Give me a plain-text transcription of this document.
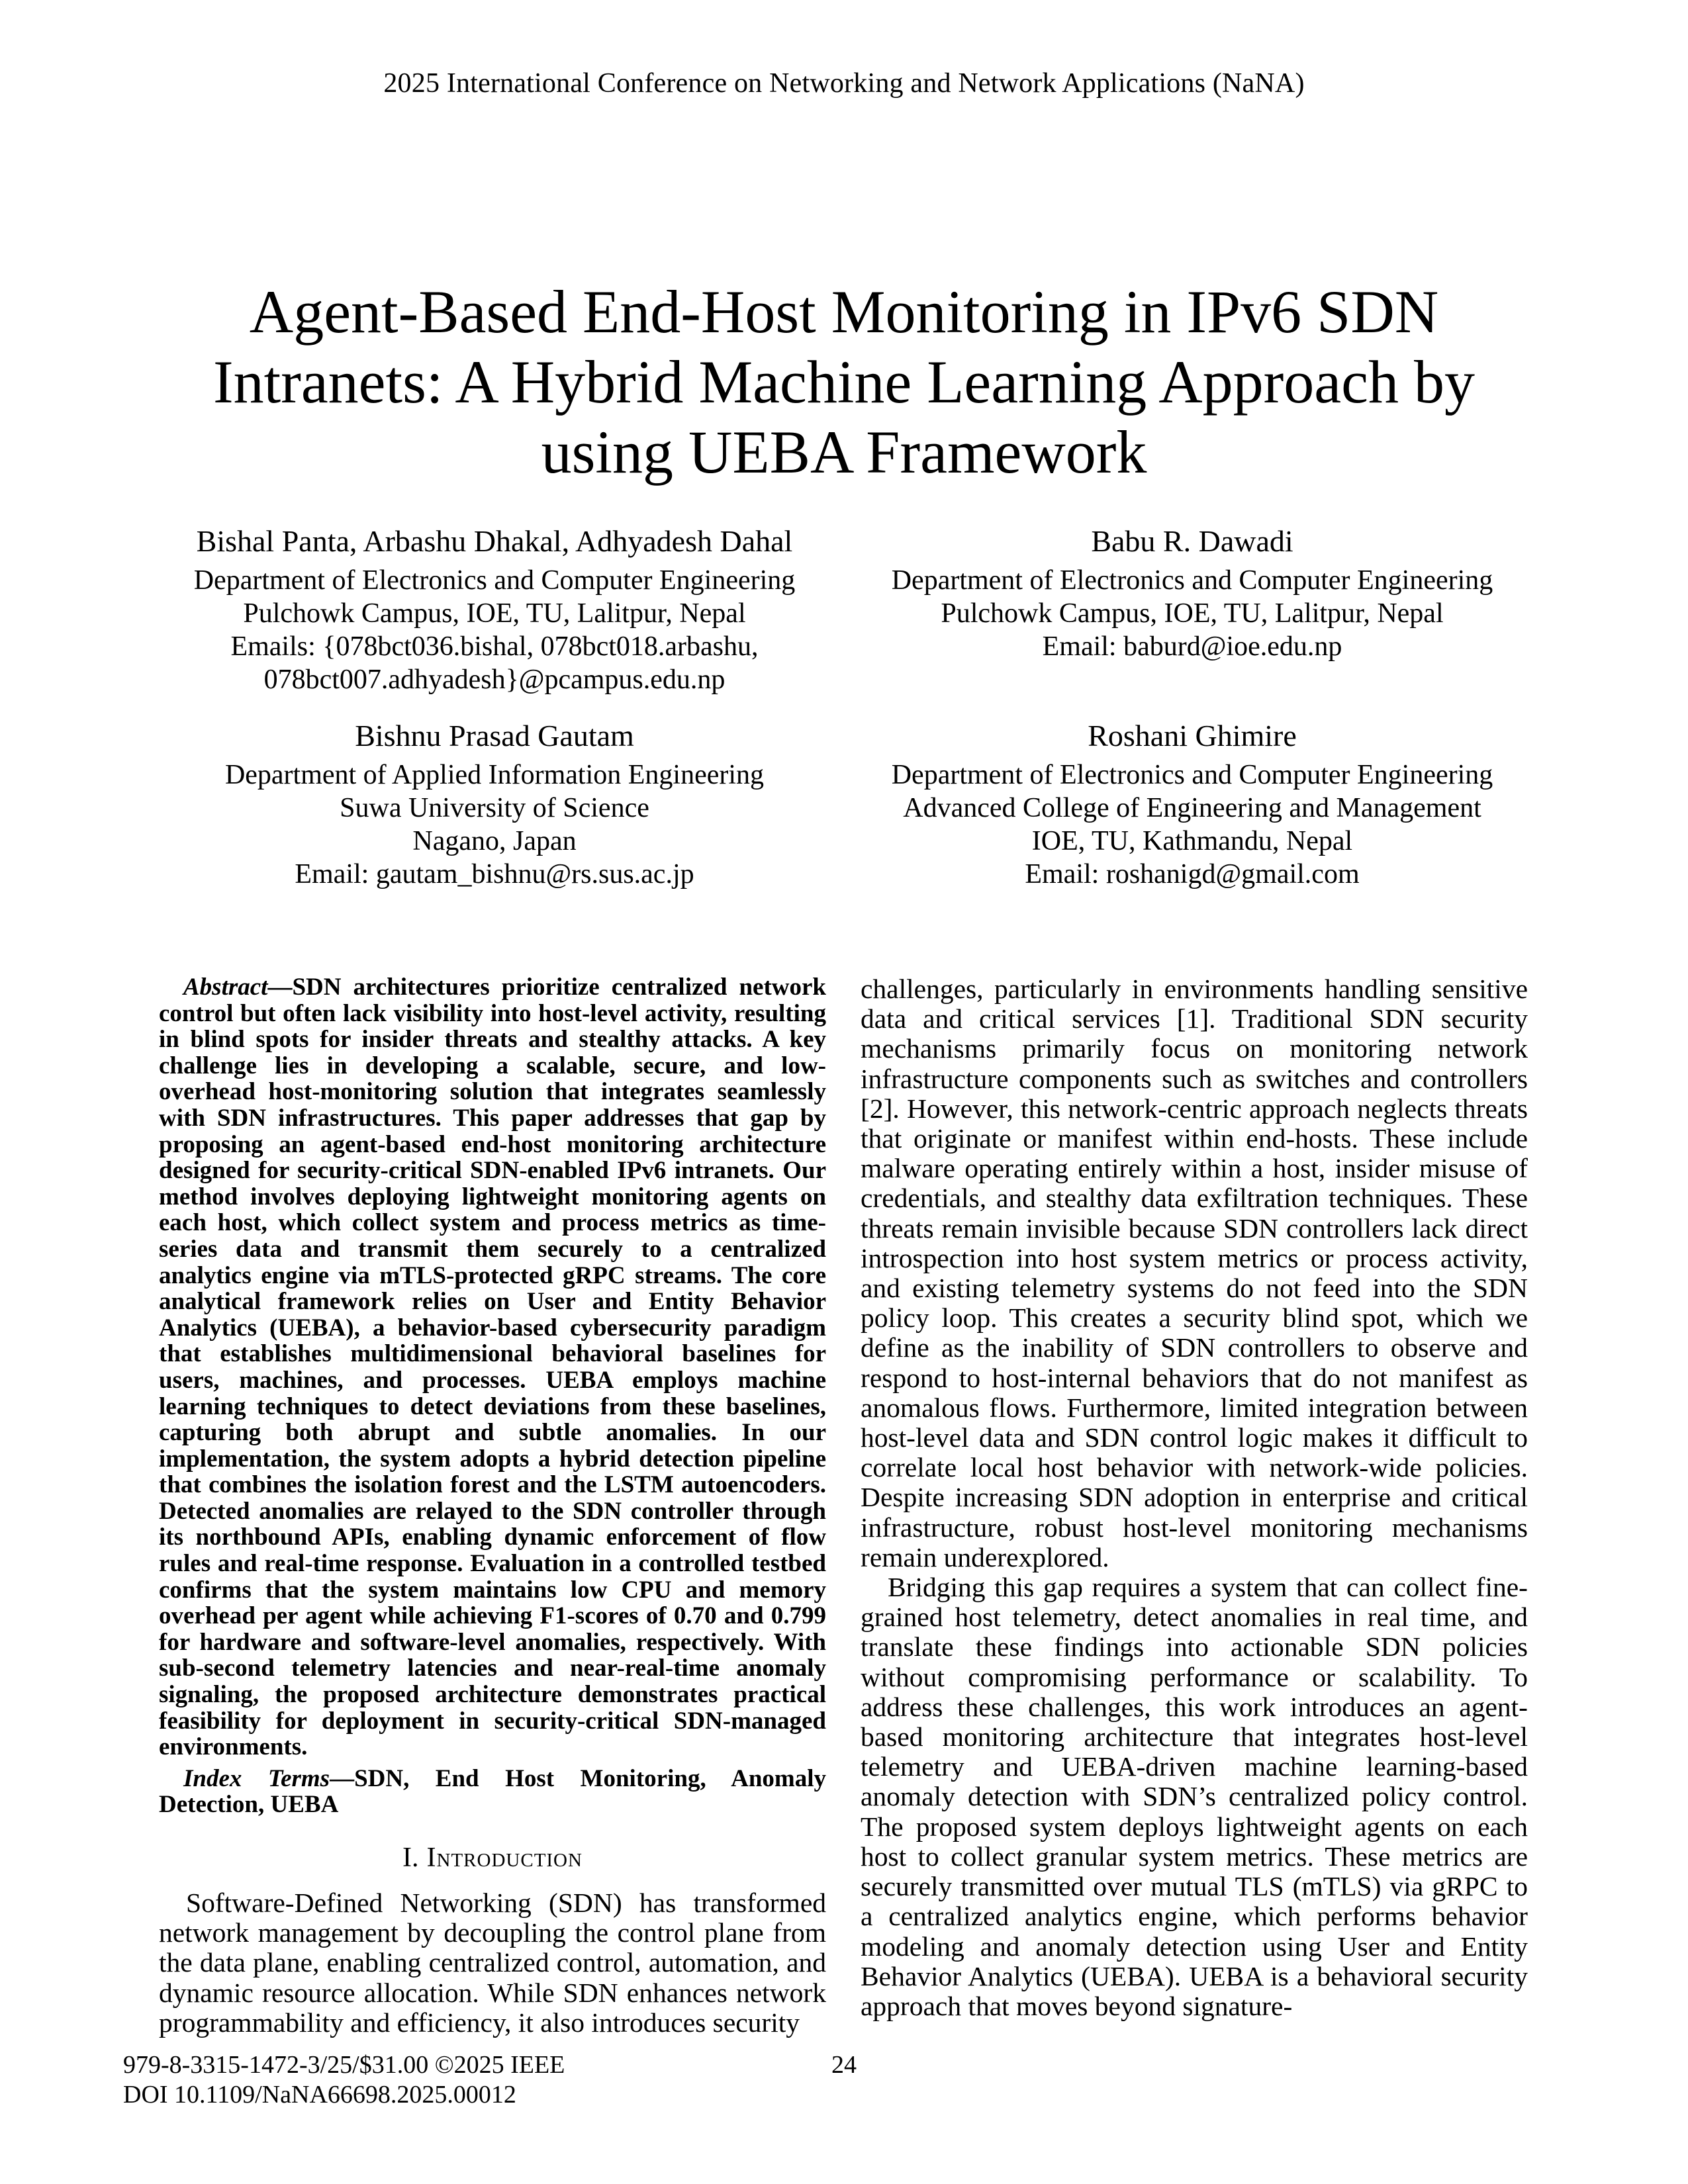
2025 International Conference on Networking and Network Applications (NaNA)
Agent-Based End-Host Monitoring in IPv6 SDN
Intranets: A Hybrid Machine Learning Approach by
using UEBA Framework
Bishal Panta, Arbashu Dhakal, Adhyadesh Dahal
Department of Electronics and Computer Engineering
Pulchowk Campus, IOE, TU, Lalitpur, Nepal
Emails: {078bct036.bishal, 078bct018.arbashu,
078bct007.adhyadesh}@pcampus.edu.np
Babu R. Dawadi
Department of Electronics and Computer Engineering
Pulchowk Campus, IOE, TU, Lalitpur, Nepal
Email: baburd@ioe.edu.np
Bishnu Prasad Gautam
Department of Applied Information Engineering
Suwa University of Science
Nagano, Japan
Email: gautam_bishnu@rs.sus.ac.jp
Roshani Ghimire
Department of Electronics and Computer Engineering
Advanced College of Engineering and Management
IOE, TU, Kathmandu, Nepal
Email: roshanigd@gmail.com

Abstract—SDN architectures prioritize centralized network control but often lack visibility into host-level activity, resulting in blind spots for insider threats and stealthy attacks. A key challenge lies in developing a scalable, secure, and low-overhead host-monitoring solution that integrates seamlessly with SDN infrastructures. This paper addresses that gap by proposing an agent-based end-host monitoring architecture designed for security-critical SDN-enabled IPv6 intranets. Our method involves deploying lightweight monitoring agents on each host, which collect system and process metrics as time-series data and transmit them securely to a centralized analytics engine via mTLS-protected gRPC streams. The core analytical framework relies on User and Entity Behavior Analytics (UEBA), a behavior-based cybersecurity paradigm that establishes multidimensional behavioral baselines for users, machines, and processes. UEBA employs machine learning techniques to detect deviations from these baselines, capturing both abrupt and subtle anomalies. In our implementation, the system adopts a hybrid detection pipeline that combines the isolation forest and the LSTM autoencoders. Detected anomalies are relayed to the SDN controller through its northbound APIs, enabling dynamic enforcement of flow rules and real-time response. Evaluation in a controlled testbed confirms that the system maintains low CPU and memory overhead per agent while achieving F1-scores of 0.70 and 0.799 for hardware and software-level anomalies, respectively. With sub-second telemetry latencies and near-real-time anomaly signaling, the proposed architecture demonstrates practical feasibility for deployment in security-critical SDN-managed environments.

Index Terms—SDN, End Host Monitoring, Anomaly Detection, UEBA

I. Introduction

Software-Defined Networking (SDN) has transformed network management by decoupling the control plane from the data plane, enabling centralized control, automation, and dynamic resource allocation. While SDN enhances network programmability and efficiency, it also introduces security

challenges, particularly in environments handling sensitive data and critical services [1]. Traditional SDN security mechanisms primarily focus on monitoring network infrastructure components such as switches and controllers [2]. However, this network-centric approach neglects threats that originate or manifest within end-hosts. These include malware operating entirely within a host, insider misuse of credentials, and stealthy data exfiltration techniques. These threats remain invisible because SDN controllers lack direct introspection into host system metrics or process activity, and existing telemetry systems do not feed into the SDN policy loop. This creates a security blind spot, which we define as the inability of SDN controllers to observe and respond to host-internal behaviors that do not manifest as anomalous flows. Furthermore, limited integration between host-level data and SDN control logic makes it difficult to correlate local host behavior with network-wide policies. Despite increasing SDN adoption in enterprise and critical infrastructure, robust host-level monitoring mechanisms remain underexplored.

Bridging this gap requires a system that can collect fine-grained host telemetry, detect anomalies in real time, and translate these findings into actionable SDN policies without compromising performance or scalability. To address these challenges, this work introduces an agent-based monitoring architecture that integrates host-level telemetry and UEBA-driven machine learning-based anomaly detection with SDN’s centralized policy control. The proposed system deploys lightweight agents on each host to collect granular system metrics. These metrics are securely transmitted over mutual TLS (mTLS) via gRPC to a centralized analytics engine, which performs behavior modeling and anomaly detection using User and Entity Behavior Analytics (UEBA). UEBA is a behavioral security approach that moves beyond signature-

979-8-3315-1472-3/25/$31.00 ©2025 IEEE
DOI 10.1109/NaNA66698.2025.00012
24
